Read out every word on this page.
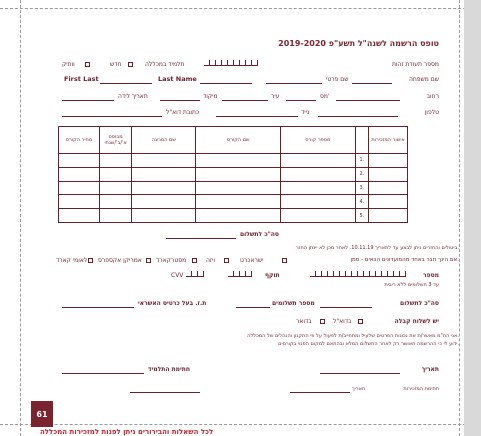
טופס הרשמה לשנה"ל תשע"פ 2019-2020
מספר תעודת זהות
תלמיד במכללה
חדש
וותיק
First Last	Last Name	שם פרטי	שם משפחה
תאריך לידה	מיקוד	עיר	מס'	רחוב
כתובת דוא"ל	נייד	טלפון
מחיר הקורס	מבוסס א'/ב'/שנתי	שם המרצה	שם הקורס	מספר קורס		אישור המזכירות
					1.	
					2.	
					3.	
					4.	
					5.	
סה"כ לתשלום
ביטולים והחזרים ניתן לבצע עד לתאריך 10.11.19. לאחר מכן לא יינתן החזר.
אם הינך חבר באחד מהמועדונים הבאים - סמן:
ישראכרט
ויזה
מסטרקארד
אמריקן אקספרס
לאומי קארד
מספר
תוקף
CVV
עד 3 תשלומים ללא ריבית
סה"כ לתשלום
מספר תשלומים
ת.ז. בעל כרטיס האשראי
יש לשלוח קבלה
בדוא"ל
בדואר
אני הח"מ מאשר/ת את נכונות הפרטים שלעיל ומתחייב/ת לפעול על פי התקנון והנהלים של המכללה.
ידוע לי כי ההרשמה תאושר רק לאחר התשלום המלא ובהתאם למקום הפנוי בקורסים.
תאריך
חתימת התלמיד
חתימת המזכירות
תאריך
61
לכל השאלות והבירורים ניתן לפנות למזכירות המכללה
